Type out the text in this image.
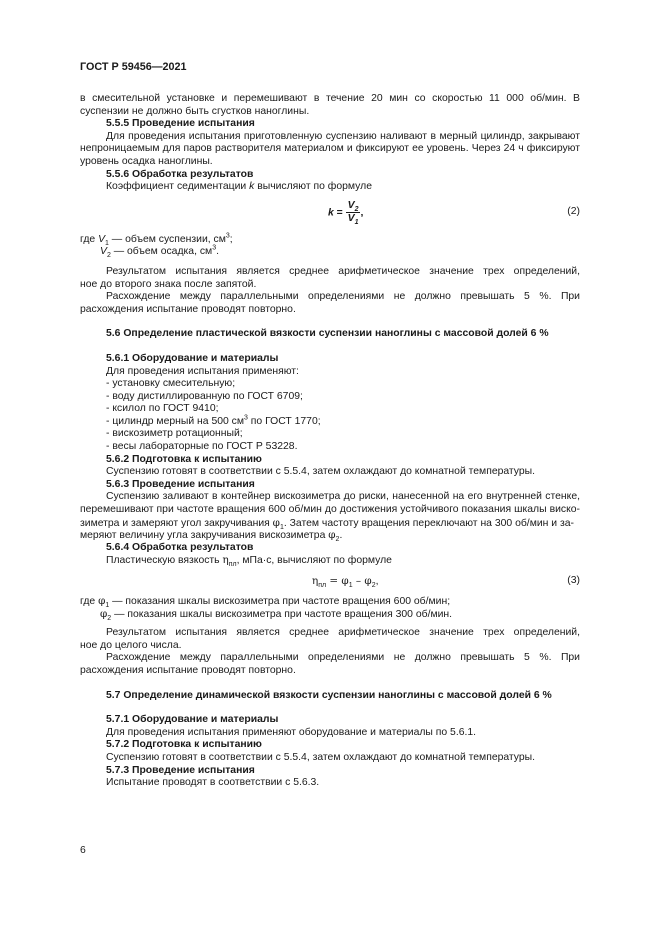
ГОСТ Р 59456—2021
в смесительной установке и перемешивают в течение 20 мин со скоростью 11 000 об/мин. В
суспензии не должно быть сгустков наноглины.
5.5.5 Проведение испытания
Для проведения испытания приготовленную суспензию наливают в мерный цилиндр, закрывают
непроницаемым для паров растворителя материалом и фиксируют ее уровень. Через 24 ч фиксируют
уровень осадка наноглины.
5.5.6 Обработка результатов
Коэффициент седиментации k вычисляют по формуле
$k = \frac{V_2}{V_1}$ ,	(2)
где $V_1$ — объем суспензии, $см^3$;
$V_2$ — объем осадка, $см^3$.
Результатом испытания является среднее арифметическое значение трех определений,
ное до второго знака после запятой.
Расхождение между параллельными определениями не должно превышать 5 %. При
расхождения испытание проводят повторно.
5.6 Определение пластической вязкости суспензии наноглины с массовой долей 6 %
5.6.1 Оборудование и материалы
Для проведения испытания применяют:
- установку смесительную;
- воду дистиллированную по ГОСТ 6709;
- ксилол по ГОСТ 9410;
- цилиндр мерный на 500 $см^3$ по ГОСТ 1770;
- вискозиметр ротационный;
- весы лабораторные по ГОСТ Р 53228.
5.6.2 Подготовка к испытанию
Суспензию готовят в соответствии с 5.5.4, затем охлаждают до комнатной температуры.
5.6.3 Проведение испытания
Суспензию заливают в контейнер вискозиметра до риски, нанесенной на его внутренней стенке,
перемешивают при частоте вращения 600 об/мин до достижения устойчивого показания шкалы виско-
зиметра и замеряют угол закручивания $\varphi_1$. Затем частоту вращения переключают на 300 об/мин и за-
меряют величину угла закручивания вискозиметра $\varphi_2$.
5.6.4 Обработка результатов
Пластическую вязкость $\eta_{пл}$, мПа·с, вычисляют по формуле
$\eta_{пл} = \varphi_1 - \varphi_2$,	(3)
где $\varphi_1$ — показания шкалы вискозиметра при частоте вращения 600 об/мин;
$\varphi_2$ — показания шкалы вискозиметра при частоте вращения 300 об/мин.
Результатом испытания является среднее арифметическое значение трех определений,
ное до целого числа.
Расхождение между параллельными определениями не должно превышать 5 %. При
расхождения испытание проводят повторно.
5.7 Определение динамической вязкости суспензии наноглины с массовой долей 6 %
5.7.1 Оборудование и материалы
Для проведения испытания применяют оборудование и материалы по 5.6.1.
5.7.2 Подготовка к испытанию
Суспензию готовят в соответствии с 5.5.4, затем охлаждают до комнатной температуры.
5.7.3 Проведение испытания
Испытание проводят в соответствии с 5.6.3.
6
